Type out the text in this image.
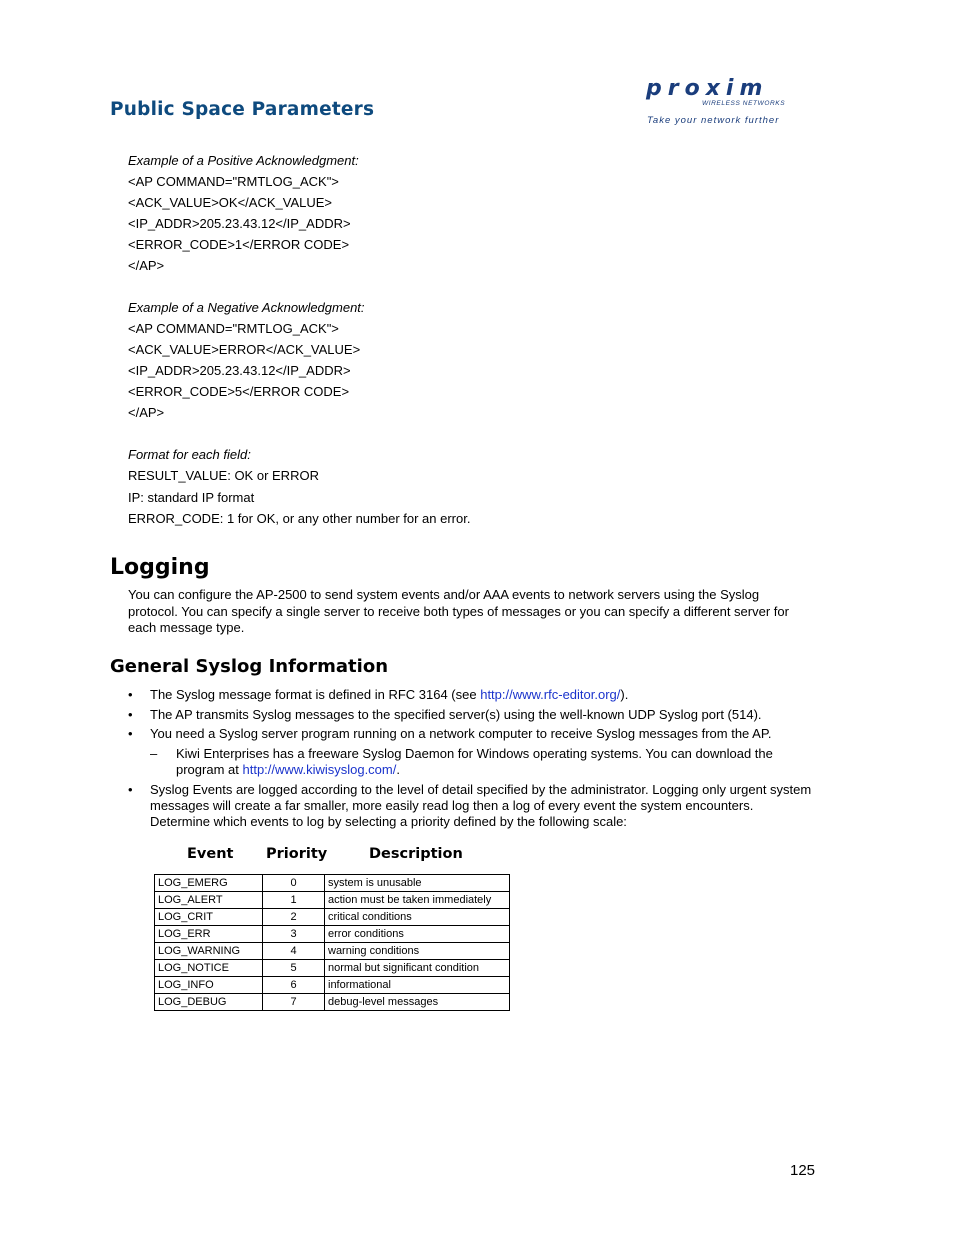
Public Space Parameters
proxim
WIRELESS NETWORKS
Take your network further
Example of a Positive Acknowledgment:
<AP COMMAND="RMTLOG_ACK">
<ACK_VALUE>OK</ACK_VALUE>
<IP_ADDR>205.23.43.12</IP_ADDR>
<ERROR_CODE>1</ERROR CODE>
</AP>
Example of a Negative Acknowledgment:
<AP COMMAND="RMTLOG_ACK">
<ACK_VALUE>ERROR</ACK_VALUE>
<IP_ADDR>205.23.43.12</IP_ADDR>
<ERROR_CODE>5</ERROR CODE>
</AP>
Format for each field:
RESULT_VALUE: OK or ERROR
IP: standard IP format
ERROR_CODE: 1 for OK, or any other number for an error.
Logging
You can configure the AP-2500 to send system events and/or AAA events to network servers using the Syslog
protocol. You can specify a single server to receive both types of messages or you can specify a different server for
each message type.
General Syslog Information
• The Syslog message format is defined in RFC 3164 (see http://www.rfc-editor.org/).
• The AP transmits Syslog messages to the specified server(s) using the well-known UDP Syslog port (514).
• You need a Syslog server program running on a network computer to receive Syslog messages from the AP.
– Kiwi Enterprises has a freeware Syslog Daemon for Windows operating systems. You can download the
program at http://www.kiwisyslog.com/.
• Syslog Events are logged according to the level of detail specified by the administrator. Logging only urgent system
messages will create a far smaller, more easily read log then a log of every event the system encounters.
Determine which events to log by selecting a priority defined by the following scale:
Event Priority	Description
LOG_EMERG	0	system is unusable
LOG_ALERT	1	action must be taken immediately
LOG_CRIT	2	critical conditions
LOG_ERR	3	error conditions
LOG_WARNING	4	warning conditions
LOG_NOTICE	5	normal but significant condition
LOG_INFO	6	informational
LOG_DEBUG	7	debug-level messages
125
